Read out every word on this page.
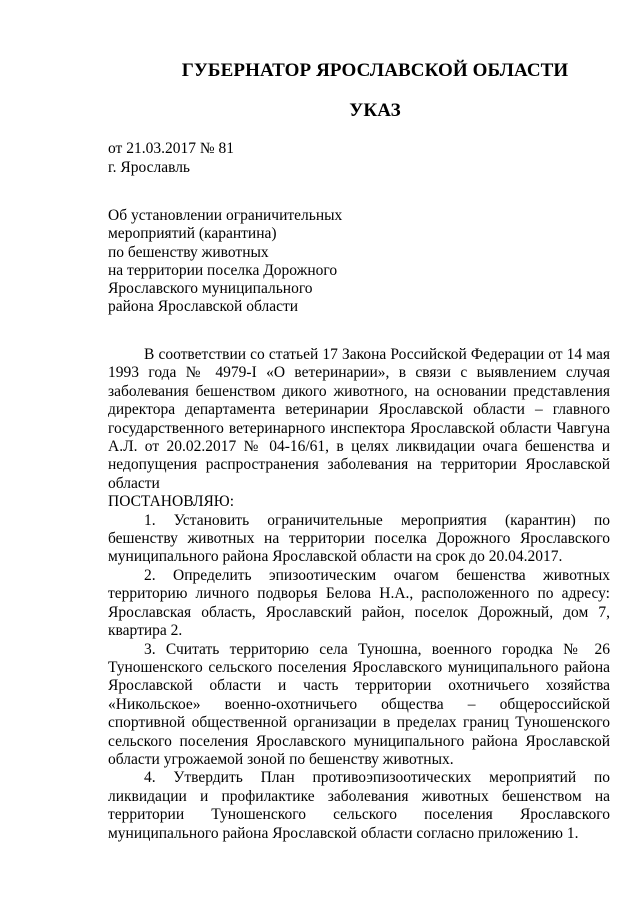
ГУБЕРНАТОР ЯРОСЛАВСКОЙ ОБЛАСТИ
УКАЗ
от 21.03.2017 № 81
г. Ярославль
Об установлении ограничительных
мероприятий (карантина)
по бешенству животных
на территории поселка Дорожного
Ярославского муниципального
района Ярославской области

В соответствии со статьей 17 Закона Российской Федерации от 14 мая 1993 года № 4979-I «О ветеринарии», в связи с выявлением случая заболевания бешенством дикого животного, на основании представления директора департамента ветеринарии Ярославской области – главного государственного ветеринарного инспектора Ярославской области Чавгуна А.Л. от 20.02.2017 № 04-16/61, в целях ликвидации очага бешенства и недопущения распространения заболевания на территории Ярославской области

ПОСТАНОВЛЯЮ:

1. Установить ограничительные мероприятия (карантин) по бешенству животных на территории поселка Дорожного Ярославского муниципального района Ярославской области на срок до 20.04.2017.

2. Определить эпизоотическим очагом бешенства животных территорию личного подворья Белова Н.А., расположенного по адресу: Ярославская область, Ярославский район, поселок Дорожный, дом 7, квартира 2.

3. Считать территорию села Туношна, военного городка № 26 Туношенского сельского поселения Ярославского муниципального района Ярославской области и часть территории охотничьего хозяйства «Никольское» военно-охотничьего общества – общероссийской спортивной общественной организации в пределах границ Туношенского сельского поселения Ярославского муниципального района Ярославской области угрожаемой зоной по бешенству животных.

4. Утвердить План противоэпизоотических мероприятий по ликвидации и профилактике заболевания животных бешенством на территории Туношенского сельского поселения Ярославского муниципального района Ярославской области согласно приложению 1.
